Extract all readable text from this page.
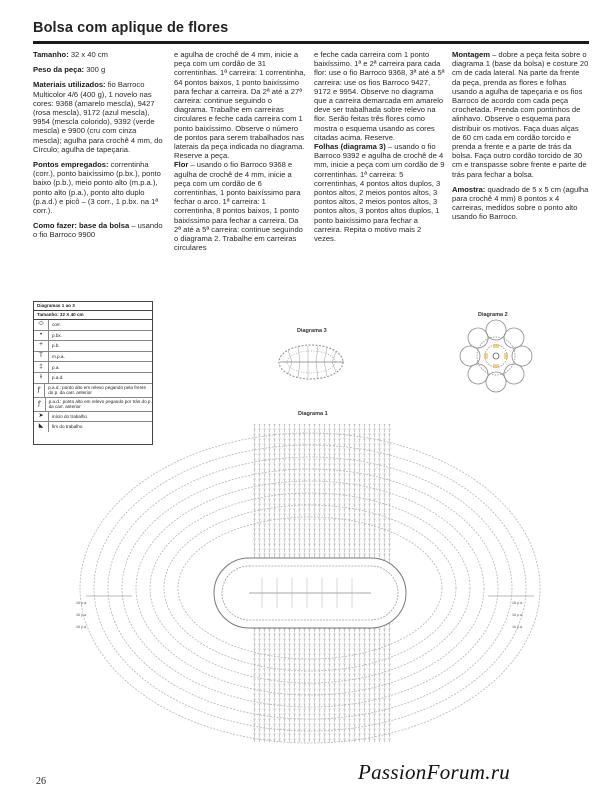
Bolsa com aplique de flores

Tamanho: 32 x 40 cm

Peso da peça: 300 g

Materiais utilizados: fio Barroco Multicolor 4/6 (400 g), 1 novelo nas cores: 9368 (amarelo mescla), 9427 (rosa mescla), 9172 (azul mescla), 9954 (mescla colorido), 9392 (verde mescla) e 9900 (cru com cinza mescla); agulha para crochê 4 mm, do Círculo; agulha de tapeçaria.

Pontos empregados: correntinha (corr.), ponto baixíssimo (p.bx.), ponto baixo (p.b.), meio ponto alto (m.p.a.), ponto alto (p.a.), ponto alto duplo (p.a.d.) e picô – (3 corr., 1 p.bx. na 1ª corr.).

Como fazer: base da bolsa – usando o fio Barroco 9900

e agulha de crochê de 4 mm, inicie a peça com um cordão de 31 correntinhas. 1ª carreira: 1 correntinha, 64 pontos baixos, 1 ponto baixíssimo para fechar a carreira. Da 2ª até a 27ª carreira: continue seguindo o diagrama. Trabalhe em carreiras circulares e feche cada carreira com 1 ponto baixíssimo. Observe o número de pontos para serem trabalhados nas laterais da peça indicada no diagrama. Reserve a peça.
Flor – usando o fio Barroco 9368 e agulha de crochê de 4 mm, inicie a peça com um cordão de 6 correntinhas, 1 ponto baixíssimo para fechar o arco. 1ª carreira: 1 correntinha, 8 pontos baixos, 1 ponto baixíssimo para fechar a carreira. Da 2ª até a 5ª carreira: continue seguindo o diagrama 2. Trabalhe em carreiras circulares

e feche cada carreira com 1 ponto baixíssimo. 1ª e 2ª carreira para cada flor: use o fio Barroco 9368, 3ª até a 5ª carreira: use os fios Barroco 9427, 9172 e 9954. Observe no diagrama que a carreira demarcada em amarelo deve ser trabalhada sobre relevo na flor. Serão feitas três flores como mostra o esquema usando as cores citadas acima. Reserve.
Folhas (diagrama 3) – usando o fio Barroco 9392 e agulha de crochê de 4 mm, inicie a peça com um cordão de 9 correntinhas. 1ª carreira: 5 correntinhas, 4 pontos altos duplos, 3 pontos altos, 2 meios pontos altos, 3 pontos altos, 2 meios pontos altos, 3 pontos altos, 3 pontos altos duplos, 1 ponto baixíssimo para fechar a carreira. Repita o motivo mais 2 vezes.

Montagem – dobre a peça feita sobre o diagrama 1 (base da bolsa) e costure 20 cm de cada lateral. Na parte da frente da peça, prenda as flores e folhas usando a agulha de tapeçaria e os fios Barroco de acordo com cada peça crochetada. Prenda com pontinhos de alinhavo. Observe o esquema para distribuir os motivos. Faça duas alças de 60 cm cada em cordão torcido e prenda a frente e a parte de trás da bolsa. Faça outro cordão torcido de 30 cm e transpasse sobre frente e parte de trás para fechar a bolsa.

Amostra: quadrado de 5 x 5 cm (agulha para crochê 4 mm) 8 pontos x 4 carreiras, medidos sobre o ponto alto usando fio Barroco.

Diagramas 1 ao 3
Tamanho: 32 X 40 cm
⬭	corr.
•	p.bx.
+	p.b.
T	m.p.a.
‡	p.a.
⫲	p.a.d.
ꝭ	p.a.d.: ponto alto em relevo pegando pela frente do p. da carr. anterior
ꝭ	p.a.d.: ponto alto em relevo pegando por trás do p. da carr. anterior
➤	início do trabalho
◣	fim do trabalho
Diagrama 3
Diagrama 2
Diagrama 1
16 p.a.
16 p.a.
16 p.a.
16 p.a.
16 p.a.
16 p.a.
26	PassionForum.ru
